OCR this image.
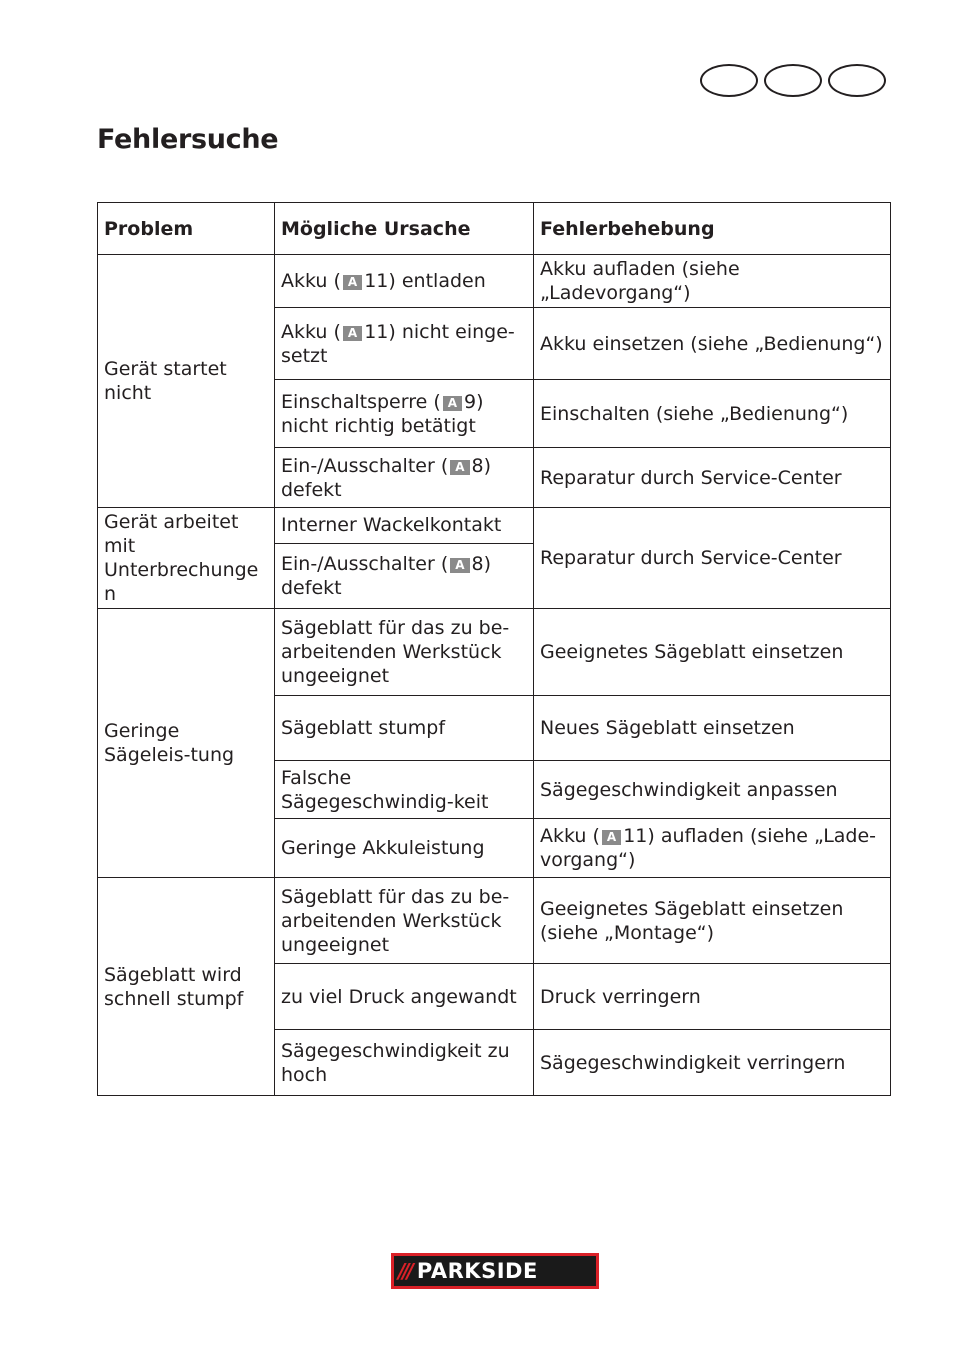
Fehlersuche
Problem	Mögliche Ursache	Fehlerbehebung
Gerät startet nicht	Akku ( A 11) entladen	Akku aufladen (siehe „Ladevorgang“)
	Akku ( A 11) nicht einge-setzt	Akku einsetzen (siehe „Bedienung“)
	Einschaltsperre ( A 9) nicht richtig betätigt	Einschalten (siehe „Bedienung“)
	Ein-/Ausschalter ( A 8) defekt	Reparatur durch Service-Center
Gerät arbeitet mit Unterbrechungen	Interner Wackelkontakt	Reparatur durch Service-Center
	Ein-/Ausschalter ( A 8) defekt	
Geringe Sägeleis-tung	Sägeblatt für das zu be-arbeitenden Werkstück ungeeignet	Geeignetes Sägeblatt einsetzen
	Sägeblatt stumpf	Neues Sägeblatt einsetzen
	Falsche Sägegeschwindig-keit	Sägegeschwindigkeit anpassen
	Geringe Akkuleistung	Akku ( A 11) aufladen (siehe „Lade-vorgang“)
Sägeblatt wird schnell stumpf	Sägeblatt für das zu be-arbeitenden Werkstück ungeeignet	Geeignetes Sägeblatt einsetzen (siehe „Montage“)
	zu viel Druck angewandt	Druck verringern
	Sägegeschwindigkeit zu hoch	Sägegeschwindigkeit verringern
/// PARKSIDE
